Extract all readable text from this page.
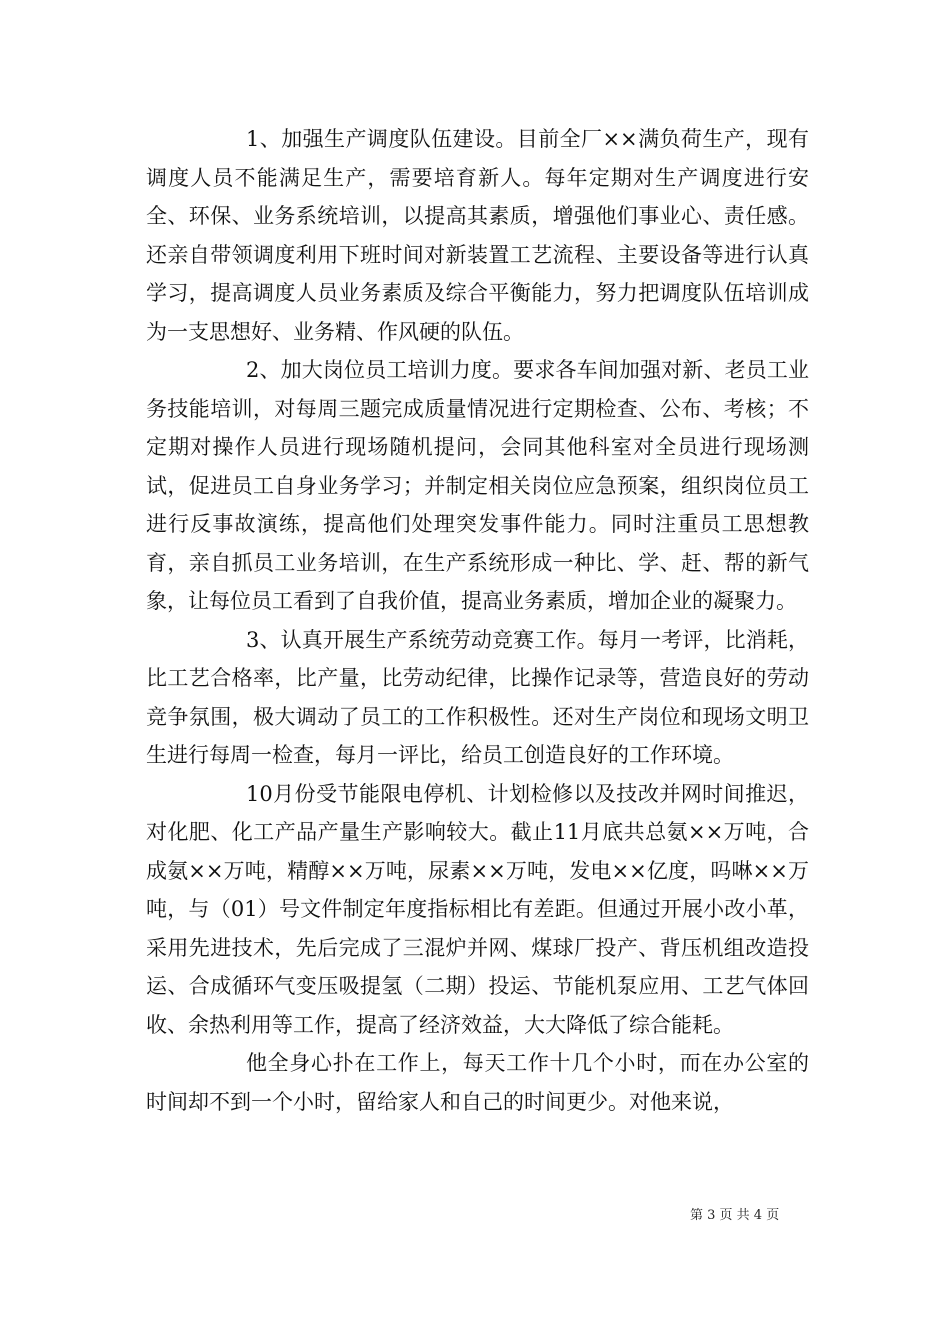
1、加强生产调度队伍建设。目前全厂××满负荷生产，现有调度人员不能满足生产，需要培育新人。每年定期对生产调度进行安全、环保、业务系统培训，以提高其素质，增强他们事业心、责任感。还亲自带领调度利用下班时间对新装置工艺流程、主要设备等进行认真学习，提高调度人员业务素质及综合平衡能力，努力把调度队伍培训成为一支思想好、业务精、作风硬的队伍。

2、加大岗位员工培训力度。要求各车间加强对新、老员工业务技能培训，对每周三题完成质量情况进行定期检查、公布、考核；不定期对操作人员进行现场随机提问，会同其他科室对全员进行现场测试，促进员工自身业务学习；并制定相关岗位应急预案，组织岗位员工进行反事故演练，提高他们处理突发事件能力。同时注重员工思想教育，亲自抓员工业务培训，在生产系统形成一种比、学、赶、帮的新气象，让每位员工看到了自我价值，提高业务素质，增加企业的凝聚力。

3、认真开展生产系统劳动竞赛工作。每月一考评，比消耗，比工艺合格率，比产量，比劳动纪律，比操作记录等，营造良好的劳动竞争氛围，极大调动了员工的工作积极性。还对生产岗位和现场文明卫生进行每周一检查，每月一评比，给员工创造良好的工作环境。

10月份受节能限电停机、计划检修以及技改并网时间推迟，对化肥、化工产品产量生产影响较大。截止11月底共总氨××万吨，合成氨××万吨，精醇××万吨，尿素××万吨，发电××亿度，吗啉××万吨，与（01）号文件制定年度指标相比有差距。但通过开展小改小革，采用先进技术，先后完成了三混炉并网、煤球厂投产、背压机组改造投运、合成循环气变压吸提氢（二期）投运、节能机泵应用、工艺气体回收、余热利用等工作，提高了经济效益，大大降低了综合能耗。

他全身心扑在工作上，每天工作十几个小时，而在办公室的时间却不到一个小时，留给家人和自己的时间更少。对他来说，

第 3 页 共 4 页
